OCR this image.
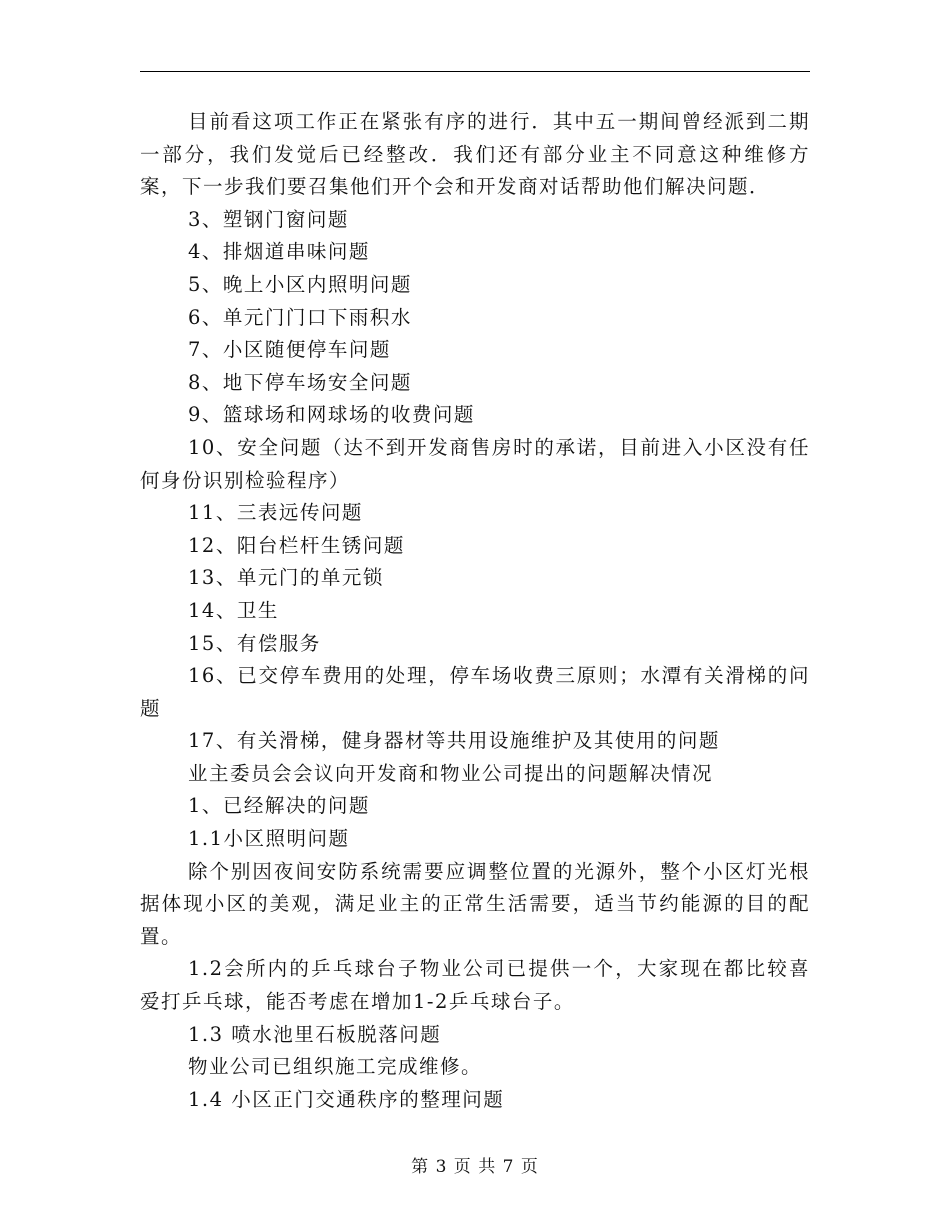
目前看这项工作正在紧张有序的进行．其中五一期间曾经派到二期一部分，我们发觉后已经整改．我们还有部分业主不同意这种维修方案，下一步我们要召集他们开个会和开发商对话帮助他们解决问题．

3、塑钢门窗问题

4、排烟道串味问题

5、晚上小区内照明问题

6、单元门门口下雨积水

7、小区随便停车问题

8、地下停车场安全问题

9、篮球场和网球场的收费问题

10、安全问题（达不到开发商售房时的承诺，目前进入小区没有任何身份识别检验程序）

11、三表远传问题

12、阳台栏杆生锈问题

13、单元门的单元锁

14、卫生

15、有偿服务

16、已交停车费用的处理，停车场收费三原则；水潭有关滑梯的问题

17、有关滑梯，健身器材等共用设施维护及其使用的问题

业主委员会会议向开发商和物业公司提出的问题解决情况

1、已经解决的问题

1.1小区照明问题

除个别因夜间安防系统需要应调整位置的光源外，整个小区灯光根据体现小区的美观，满足业主的正常生活需要，适当节约能源的目的配置。

1.2会所内的乒乓球台子物业公司已提供一个，大家现在都比较喜爱打乒乓球，能否考虑在增加1-2乒乓球台子。

1.3 喷水池里石板脱落问题

物业公司已组织施工完成维修。

1.4 小区正门交通秩序的整理问题

第 3 页 共 7 页
